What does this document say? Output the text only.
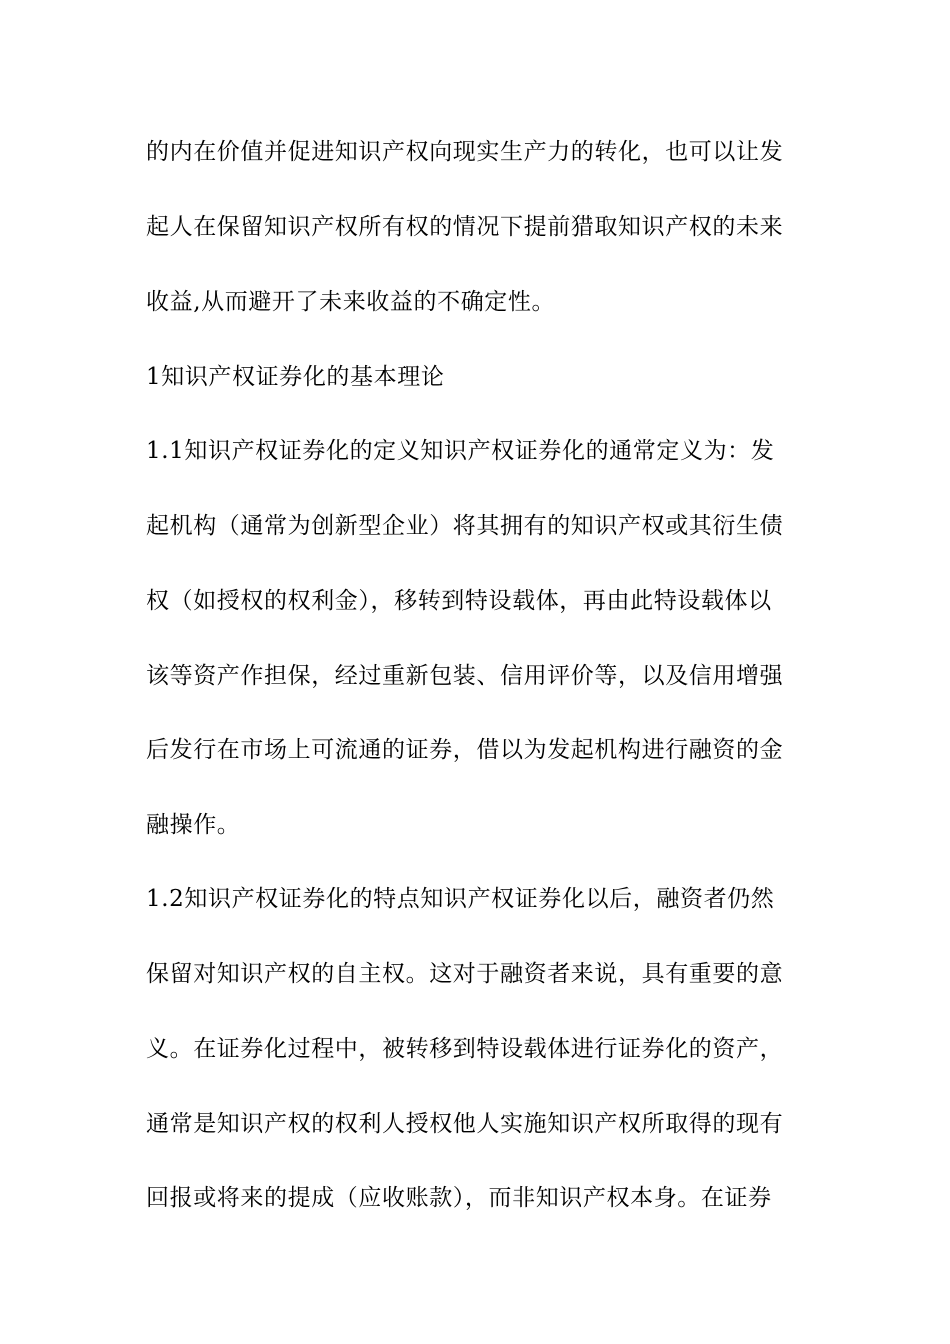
的内在价值并促进知识产权向现实生产力的转化，也可以让发
起人在保留知识产权所有权的情况下提前猎取知识产权的未来
收益,从而避开了未来收益的不确定性。
1知识产权证券化的基本理论
1.1知识产权证券化的定义知识产权证券化的通常定义为：发
起机构（通常为创新型企业）将其拥有的知识产权或其衍生债
权（如授权的权利金），移转到特设载体，再由此特设载体以
该等资产作担保，经过重新包装、信用评价等，以及信用增强
后发行在市场上可流通的证券，借以为发起机构进行融资的金
融操作。
1.2知识产权证券化的特点知识产权证券化以后，融资者仍然
保留对知识产权的自主权。这对于融资者来说，具有重要的意
义。在证券化过程中，被转移到特设载体进行证券化的资产，
通常是知识产权的权利人授权他人实施知识产权所取得的现有
回报或将来的提成（应收账款），而非知识产权本身。在证券
